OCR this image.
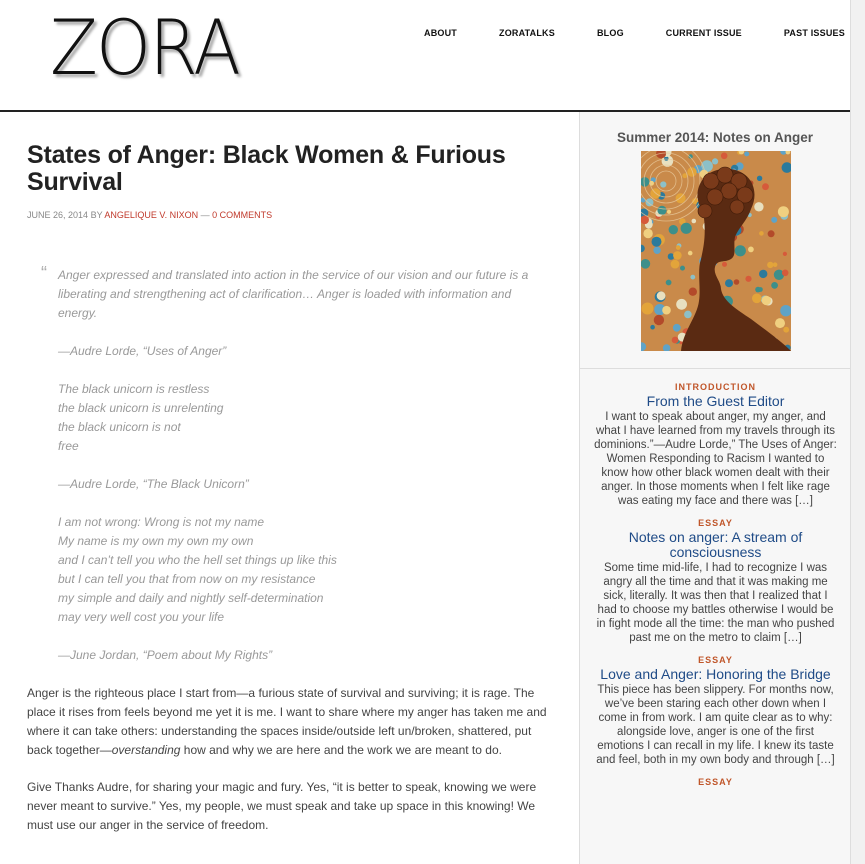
ZORA	ABOUT	ZORATALKS	BLOG	CURRENT ISSUE	PAST ISSUES
States of Anger: Black Women & Furious Survival
JUNE 26, 2014 BY ANGELIQUE V. NIXON — 0 COMMENTS
“ Anger expressed and translated into action in the service of our vision and our future is a liberating and strengthening act of clarification… Anger is loaded with information and energy.

—Audre Lorde, “Uses of Anger”

The black unicorn is restless
the black unicorn is unrelenting
the black unicorn is not
free

—Audre Lorde, “The Black Unicorn”

I am not wrong: Wrong is not my name
My name is my own my own my own
and I can’t tell you who the hell set things up like this
but I can tell you that from now on my resistance
my simple and daily and nightly self-determination
may very well cost you your life

—June Jordan, “Poem about My Rights”

Anger is the righteous place I start from—a furious state of survival and surviving; it is rage. The place it rises from feels beyond me yet it is me. I want to share where my anger has taken me and where it can take others: understanding the spaces inside/outside left un/broken, shattered, put back together—overstanding how and why we are here and the work we are meant to do.

Give Thanks Audre, for sharing your magic and fury. Yes, “it is better to speak, knowing we were never meant to survive.” Yes, my people, we must speak and take up space in this knowing! We must use our anger in the service of freedom.

Summer 2014: Notes on Anger
INTRODUCTION
From the Guest Editor
I want to speak about anger, my anger, and what I have learned from my travels through its dominions.”—Audre Lorde,” The Uses of Anger: Women Responding to Racism I wanted to know how other black women dealt with their anger. In those moments when I felt like rage was eating my face and there was […]
ESSAY
Notes on anger: A stream of consciousness
Some time mid-life, I had to recognize I was angry all the time and that it was making me sick, literally. It was then that I realized that I had to choose my battles otherwise I would be in fight mode all the time: the man who pushed past me on the metro to claim […]
ESSAY
Love and Anger: Honoring the Bridge
This piece has been slippery. For months now, we’ve been staring each other down when I come in from work. I am quite clear as to why: alongside love, anger is one of the first emotions I can recall in my life. I knew its taste and feel, both in my own body and through […]
ESSAY
